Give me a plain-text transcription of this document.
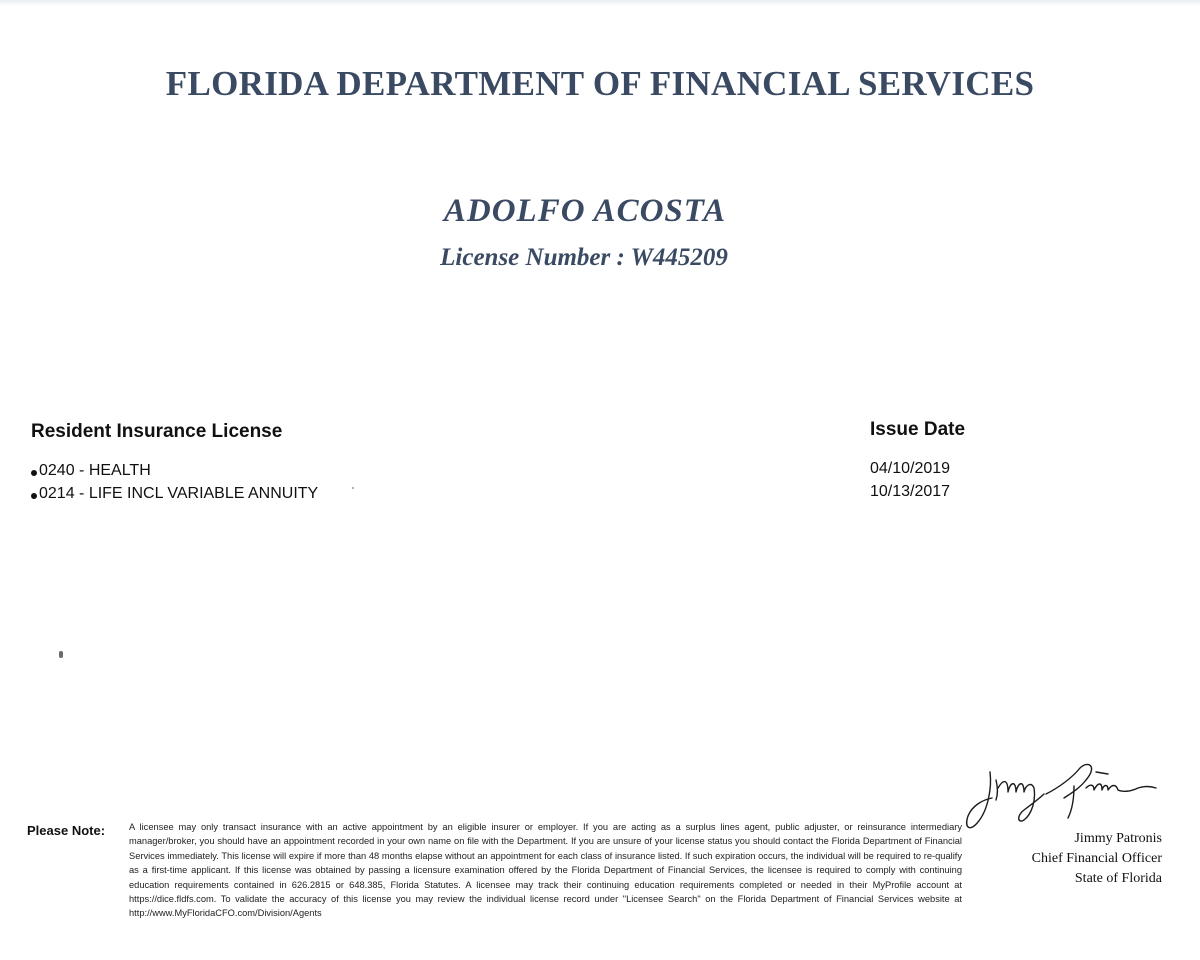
FLORIDA DEPARTMENT OF FINANCIAL SERVICES
ADOLFO ACOSTA
License Number : W445209
Resident Insurance License
0240 - HEALTH
0214 - LIFE INCL VARIABLE ANNUITY
Issue Date
04/10/2019
10/13/2017
Please Note:	A licensee may only transact insurance with an active appointment by an eligible insurer or employer. If you are acting as a surplus lines agent, public adjuster, or reinsurance intermediary manager/broker, you should have an appointment recorded in your own name on file with the Department. If you are unsure of your license status you should contact the Florida Department of Financial Services immediately. This license will expire if more than 48 months elapse without an appointment for each class of insurance listed. If such expiration occurs, the individual will be required to re-qualify as a first-time applicant. If this license was obtained by passing a licensure examination offered by the Florida Department of Financial Services, the licensee is required to comply with continuing education requirements contained in 626.2815 or 648.385, Florida Statutes. A licensee may track their continuing education requirements completed or needed in their MyProfile account at https://dice.fldfs.com. To validate the accuracy of this license you may review the individual license record under "Licensee Search" on the Florida Department of Financial Services website at http://www.MyFloridaCFO.com/Division/Agents
Jimmy Patronis
Chief Financial Officer
State of Florida
